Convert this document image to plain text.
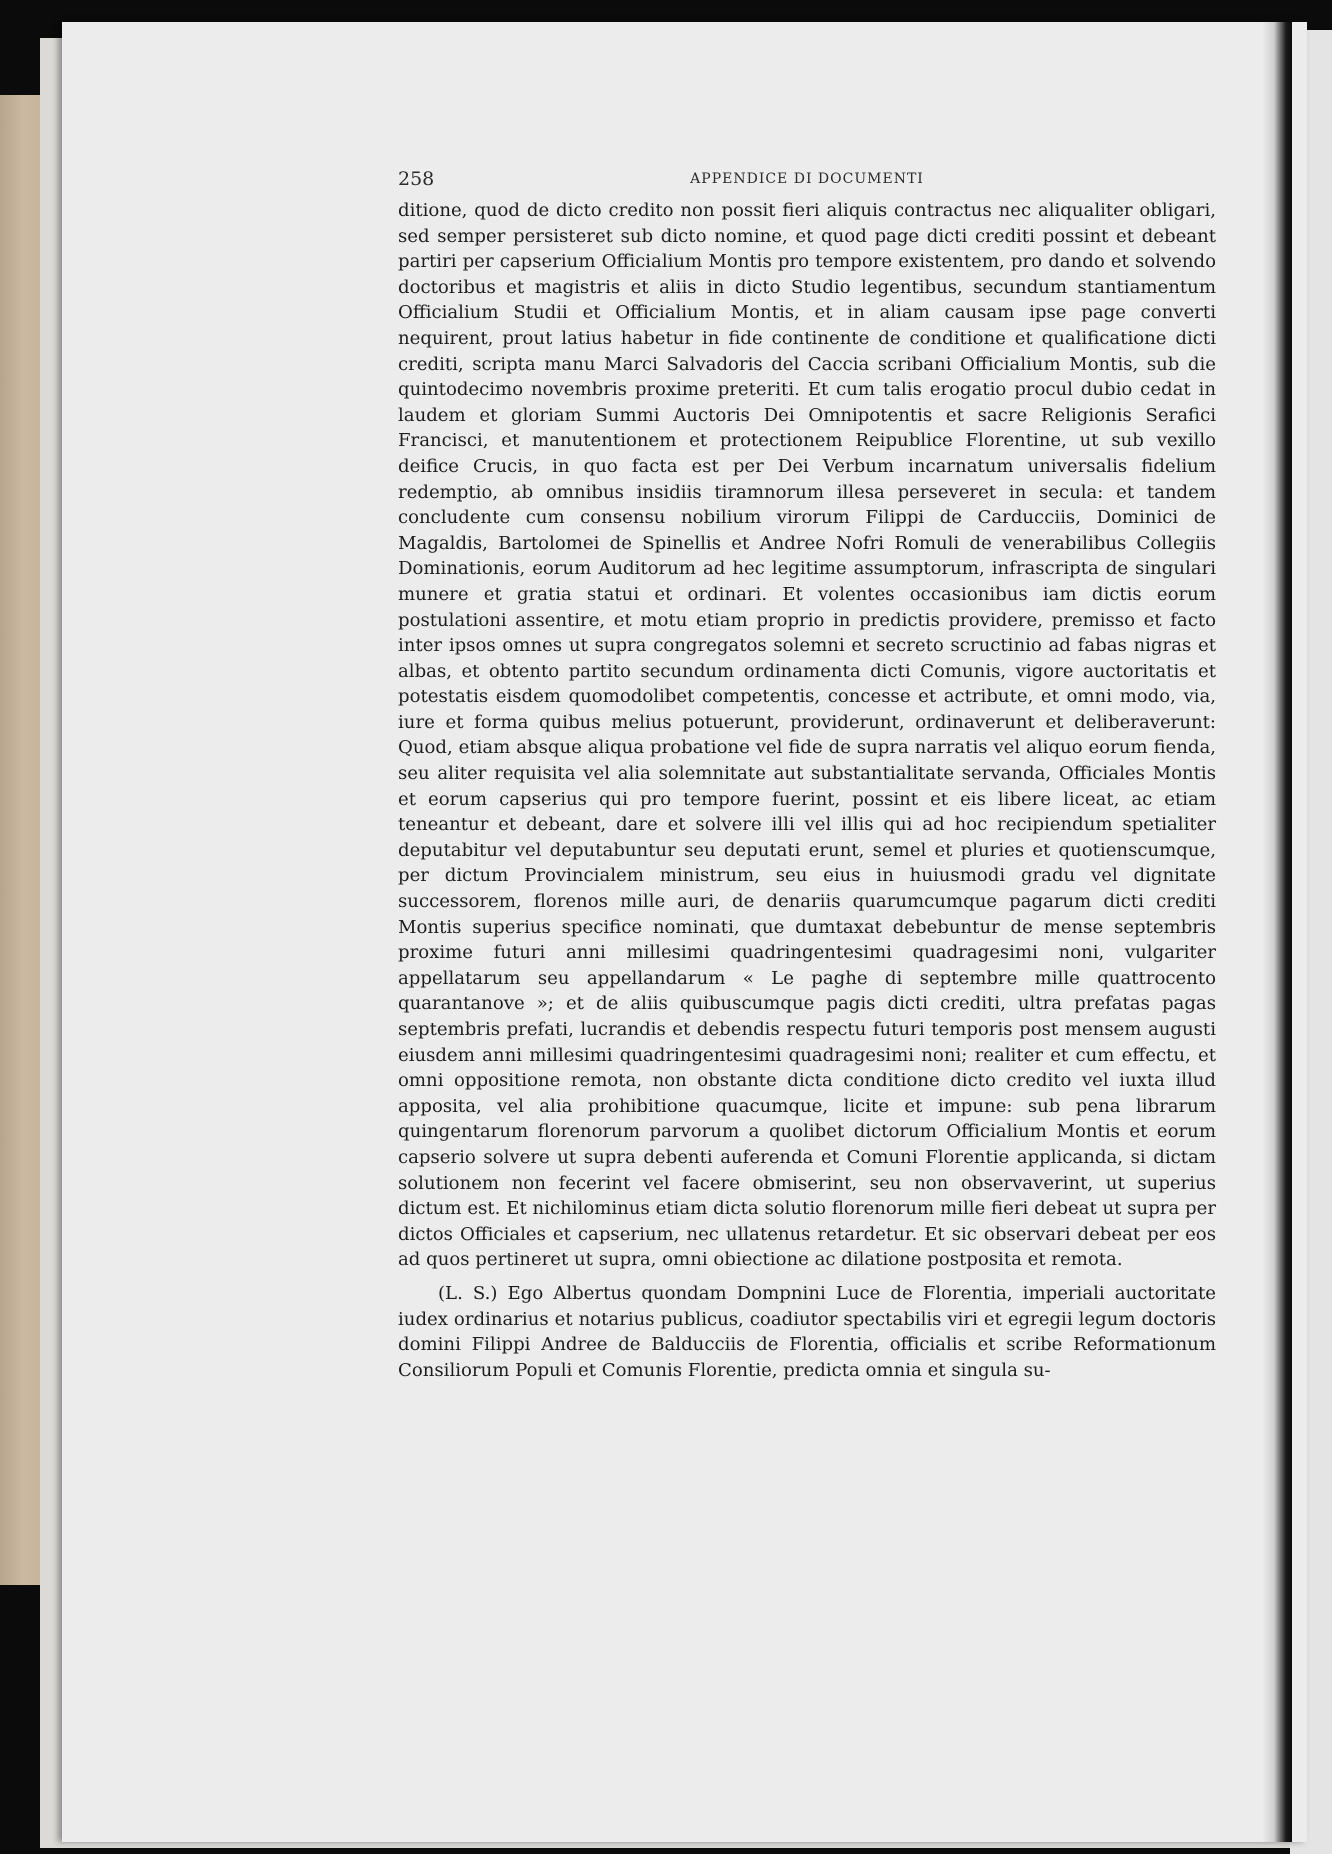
258	APPENDICE DI DOCUMENTI

ditione, quod de dicto credito non possit fieri aliquis contractus nec aliqualiter obligari, sed semper persisteret sub dicto nomine, et quod page dicti crediti possint et debeant partiri per capserium Officialium Montis pro tempore existentem, pro dando et solvendo doctoribus et magistris et aliis in dicto Studio legentibus, secundum stantiamentum Officialium Studii et Officialium Montis, et in aliam causam ipse page converti nequirent, prout latius habetur in fide continente de conditione et qualificatione dicti crediti, scripta manu Marci Salvadoris del Caccia scribani Officialium Montis, sub die quintodecimo novembris proxime preteriti. Et cum talis erogatio procul dubio cedat in laudem et gloriam Summi Auctoris Dei Omnipotentis et sacre Religionis Serafici Francisci, et manutentionem et protectionem Reipublice Florentine, ut sub vexillo deifice Crucis, in quo facta est per Dei Verbum incarnatum universalis fidelium redemptio, ab omnibus insidiis tiramnorum illesa perseveret in secula: et tandem concludente cum consensu nobilium virorum Filippi de Carducciis, Dominici de Magaldis, Bartolomei de Spinellis et Andree Nofri Romuli de venerabilibus Collegiis Dominationis, eorum Auditorum ad hec legitime assumptorum, infrascripta de singulari munere et gratia statui et ordinari. Et volentes occasionibus iam dictis eorum postulationi assentire, et motu etiam proprio in predictis providere, premisso et facto inter ipsos omnes ut supra congregatos solemni et secreto scructinio ad fabas nigras et albas, et obtento partito secundum ordinamenta dicti Comunis, vigore auctoritatis et potestatis eisdem quomodolibet competentis, concesse et actribute, et omni modo, via, iure et forma quibus melius potuerunt, providerunt, ordinaverunt et deliberaverunt: Quod, etiam absque aliqua probatione vel fide de supra narratis vel aliquo eorum fienda, seu aliter requisita vel alia solemnitate aut substantialitate servanda, Officiales Montis et eorum capserius qui pro tempore fuerint, possint et eis libere liceat, ac etiam teneantur et debeant, dare et solvere illi vel illis qui ad hoc recipiendum spetialiter deputabitur vel deputabuntur seu deputati erunt, semel et pluries et quotienscumque, per dictum Provincialem ministrum, seu eius in huiusmodi gradu vel dignitate successorem, florenos mille auri, de denariis quarumcumque pagarum dicti crediti Montis superius specifice nominati, que dumtaxat debebuntur de mense septembris proxime futuri anni millesimi quadringentesimi quadragesimi noni, vulgariter appellatarum seu appellandarum « Le paghe di septembre mille quattrocento quarantanove »; et de aliis quibuscumque pagis dicti crediti, ultra prefatas pagas septembris prefati, lucrandis et debendis respectu futuri temporis post mensem augusti eiusdem anni millesimi quadringentesimi quadragesimi noni; realiter et cum effectu, et omni oppositione remota, non obstante dicta conditione dicto credito vel iuxta illud apposita, vel alia prohibitione quacumque, licite et impune: sub pena librarum quingentarum florenorum parvorum a quolibet dictorum Officialium Montis et eorum capserio solvere ut supra debenti auferenda et Comuni Florentie applicanda, si dictam solutionem non fecerint vel facere obmiserint, seu non observaverint, ut superius dictum est. Et nichilominus etiam dicta solutio florenorum mille fieri debeat ut supra per dictos Officiales et capserium, nec ullatenus retardetur. Et sic observari debeat per eos ad quos pertineret ut supra, omni obiectione ac dilatione postposita et remota.

(L. S.) Ego Albertus quondam Dompnini Luce de Florentia, imperiali auctoritate iudex ordinarius et notarius publicus, coadiutor spectabilis viri et egregii legum doctoris domini Filippi Andree de Balducciis de Florentia, officialis et scribe Reformationum Consiliorum Populi et Comunis Florentie, predicta omnia et singula su-
